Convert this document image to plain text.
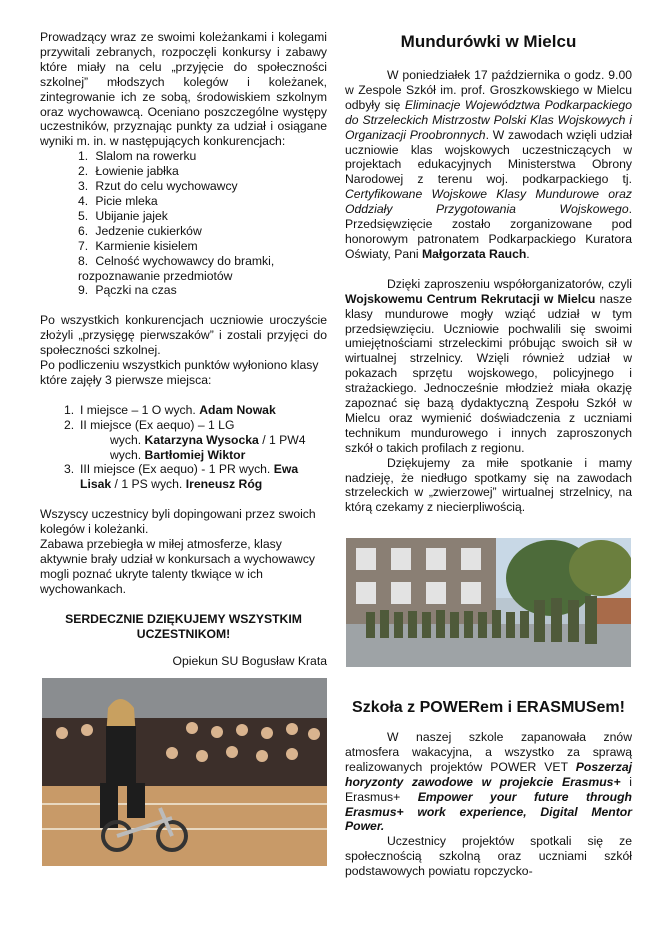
Prowadzący wraz ze swoimi koleżankami i kolegami przywitali zebranych, rozpoczęli konkursy i zabawy które miały na celu „przyjęcie do społeczności szkolnej” młodszych kolegów i koleżanek, zintegrowanie ich ze sobą, środowiskiem szkolnym oraz wychowawcą. Oceniano poszczególne występy uczestników, przyznając punkty za udział i osiągane wyniki m. in. w następujących konkurencjach:

1. Slalom na rowerku
2. Łowienie jabłka
3. Rzut do celu wychowawcy
4. Picie mleka
5. Ubijanie jajek
6. Jedzenie cukierków
7. Karmienie kisielem
8. Celność wychowawcy do bramki,
rozpoznawanie przedmiotów
9. Pączki na czas

Po wszystkich konkurencjach uczniowie uroczyście złożyli „przysięgę pierwszaków” i zostali przyjęci do społeczności szkolnej.

Po podliczeniu wszystkich punktów wyłoniono klasy które zajęły 3 pierwsze miejsca:

1. I miejsce – 1 O wych. Adam Nowak
2. II miejsce (Ex aequo) – 1 LG
wych. Katarzyna Wysocka / 1 PW4
wych. Bartłomiej Wiktor
3. III miejsce (Ex aequo) - 1 PR wych. Ewa Lisak / 1 PS wych. Ireneusz Róg

Wszyscy uczestnicy byli dopingowani przez swoich kolegów i koleżanki.

Zabawa przebiegła w miłej atmosferze, klasy aktywnie brały udział w konkursach a wychowawcy mogli poznać ukryte talenty tkwiące w ich wychowankach.

SERDECZNIE DZIĘKUJEMY WSZYSTKIM UCZESTNIKOM!

Opiekun SU Bogusław Krata

Mundurówki w Mielcu

W poniedziałek 17 października o godz. 9.00 w Zespole Szkół im. prof. Groszkowskiego w Mielcu odbyły się Eliminacje Województwa Podkarpackiego do Strzeleckich Mistrzostw Polski Klas Wojskowych i Organizacji Proobronnych. W zawodach wzięli udział uczniowie klas wojskowych uczestniczących w projektach edukacyjnych Ministerstwa Obrony Narodowej z terenu woj. podkarpackiego tj. Certyfikowane Wojskowe Klasy Mundurowe oraz Oddziały Przygotowania Wojskowego. Przedsięwzięcie zostało zorganizowane pod honorowym patronatem Podkarpackiego Kuratora Oświaty, Pani Małgorzata Rauch.

Dzięki zaproszeniu współorganizatorów, czyli Wojskowemu Centrum Rekrutacji w Mielcu nasze klasy mundurowe mogły wziąć udział w tym przedsięwzięciu. Uczniowie pochwalili się swoimi umiejętnościami strzeleckimi próbując swoich sił w wirtualnej strzelnicy. Wzięli również udział w pokazach sprzętu wojskowego, policyjnego i strażackiego. Jednocześnie młodzież miała okazję zapoznać się bazą dydaktyczną Zespołu Szkół w Mielcu oraz wymienić doświadczenia z uczniami technikum mundurowego i innych zaproszonych szkół o takich profilach z regionu.

Dziękujemy za miłe spotkanie i mamy nadzieję, że niedługo spotkamy się na zawodach strzeleckich w „zwierzowej” wirtualnej strzelnicy, na którą czekamy z niecierpliwością.

Szkoła z POWERem i ERASMUSem!

W naszej szkole zapanowała znów atmosfera wakacyjna, a wszystko za sprawą realizowanych projektów POWER VET Poszerzaj horyzonty zawodowe w projekcie Erasmus+ i Erasmus+ Empower your future through Erasmus+ work experience, Digital Mentor Power.

Uczestnicy projektów spotkali się ze społecznością szkolną oraz uczniami szkół podstawowych powiatu ropczycko-
